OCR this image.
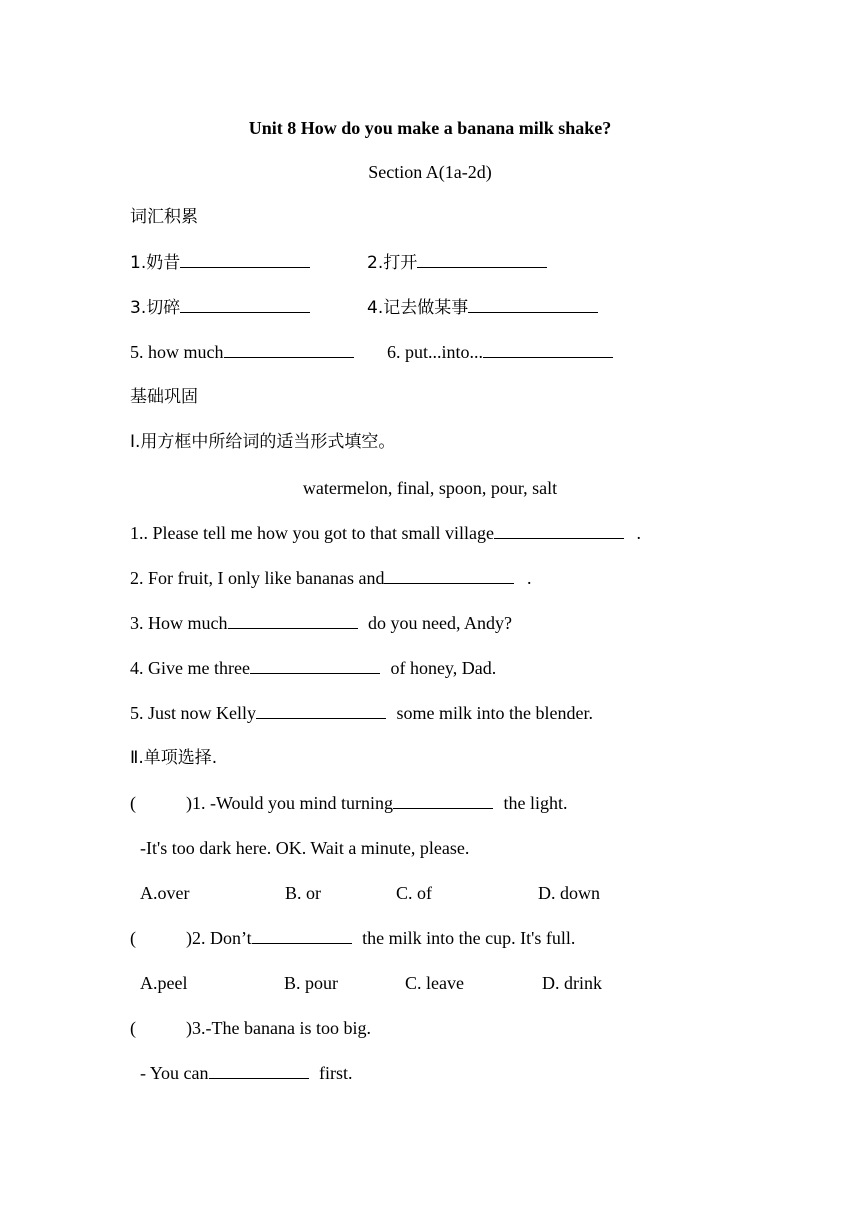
Unit 8 How do you make a banana milk shake?
Section A(1a-2d)
词汇积累
1.奶昔	2.打开
3.切碎	4.记去做某事
5. how much	6. put...into...
基础巩固
I.用方框中所给词的适当形式填空。
watermelon, final, spoon, pour, salt
1.. Please tell me how you got to that small village	.
2. For fruit, I only like bananas and	.
3. How much	do you need, Andy?
4. Give me three	of honey, Dad.
5. Just now Kelly	some milk into the blender.
Ⅱ.单项选择.
(	)1. -Would you mind turning	the light.
-It's too dark here. OK. Wait a minute, please.
A.over	B. or	C. of	D. down
(	)2. Don’t	the milk into the cup. It's full.
A.peel	B. pour	C. leave	D. drink
(	)3.-The banana is too big.
- You can	first.
